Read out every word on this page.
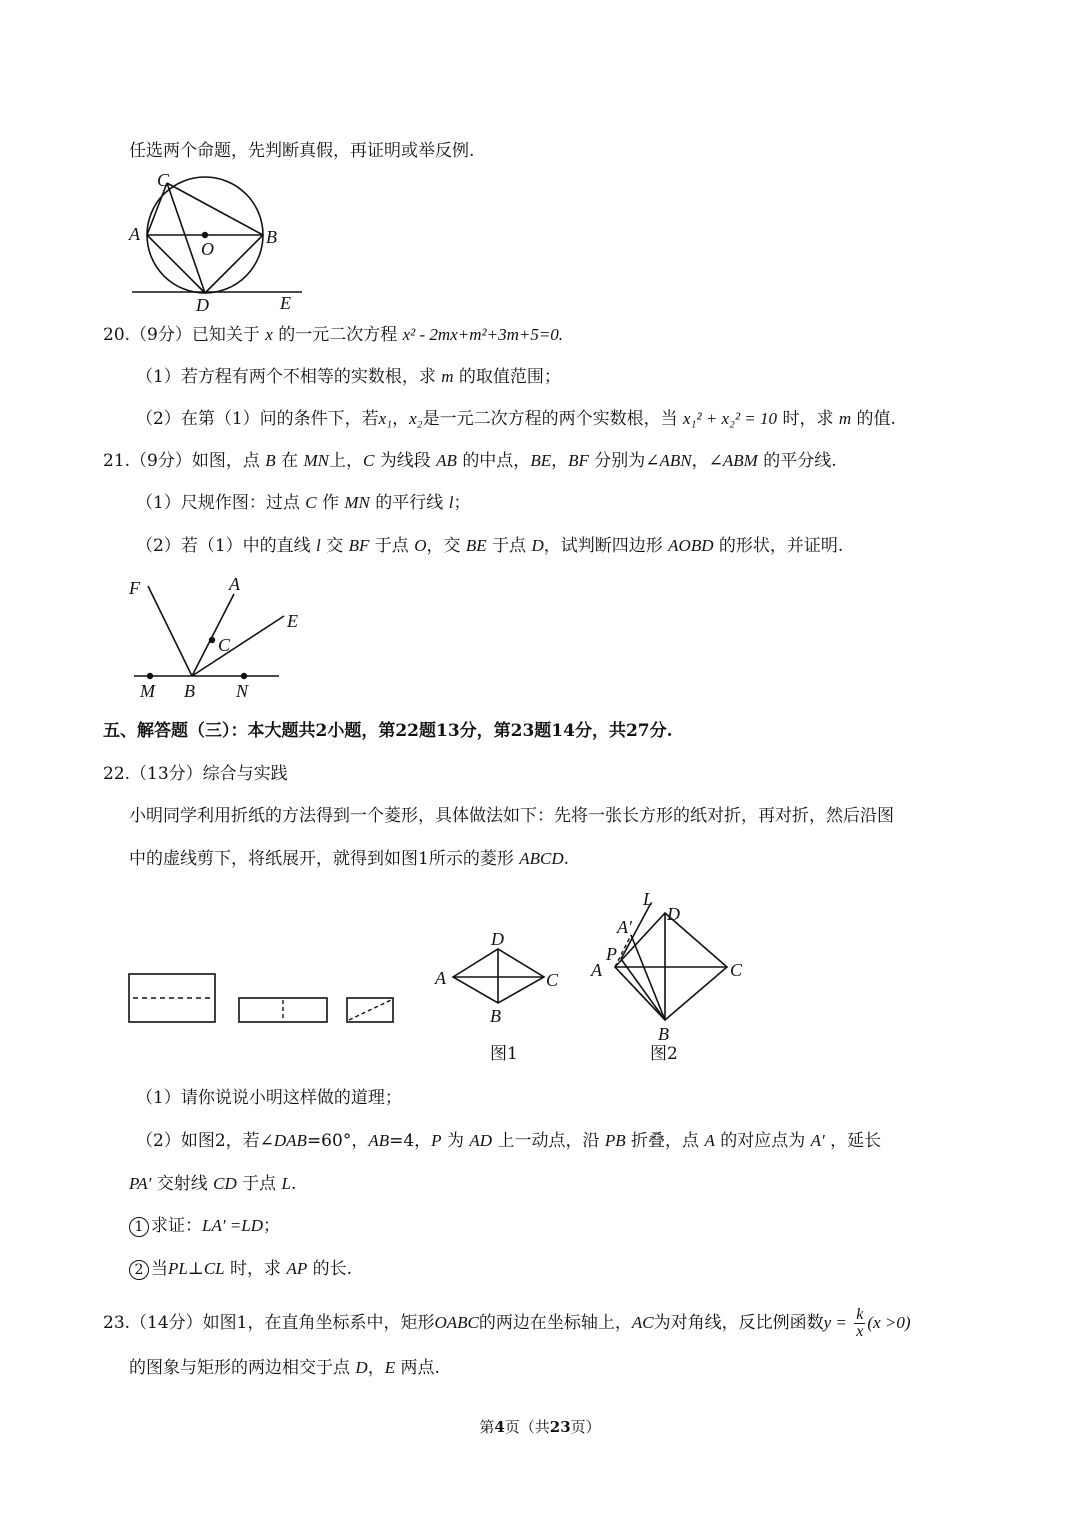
任选两个命题，先判断真假，再证明或举反例.
C
A
O
B
D	E
20.（9分）已知关于 x 的一元二次方程 x² - 2mx+m²+3m+5=0.
（1）若方程有两个不相等的实数根，求 m 的取值范围；
（2）在第（1）问的条件下，若x₁，x₂是一元二次方程的两个实数根，当 x₁² + x₂² = 10 时，求 m 的值.
21.（9分）如图，点 B 在 MN上，C 为线段 AB 的中点，BE，BF 分别为∠ABN，∠ABM 的平分线.
（1）尺规作图：过点 C 作 MN 的平行线 l；
（2）若（1）中的直线 l 交 BF 于点 O，交 BE 于点 D，试判断四边形 AOBD 的形状，并证明.
F	A
E
C
M B N
五、解答题（三）：本大题共2小题，第22题13分，第23题14分，共27分.
22.（13分）综合与实践
小明同学利用折纸的方法得到一个菱形，具体做法如下：先将一张长方形的纸对折，再对折，然后沿图
中的虚线剪下，将纸展开，就得到如图1所示的菱形 ABCD.
D
A	C
B
图1
L
D
A′
P
A	C
B
图2
（1）请你说说小明这样做的道理；
（2）如图2，若∠DAB=60°，AB=4，P 为 AD 上一动点，沿 PB 折叠，点 A 的对应点为 A′ ，延长
PA′ 交射线 CD 于点 L.
1 求证：LA′ =LD；
2 当PL⊥CL 时，求 AP 的长.
23.（14分）如图1，在直角坐标系中，矩形OABC的两边在坐标轴上，AC为对角线，反比例函数$y = \frac{k}{x} (x >0)$
的图象与矩形的两边相交于点 D，E 两点.
第4页（共23页）
